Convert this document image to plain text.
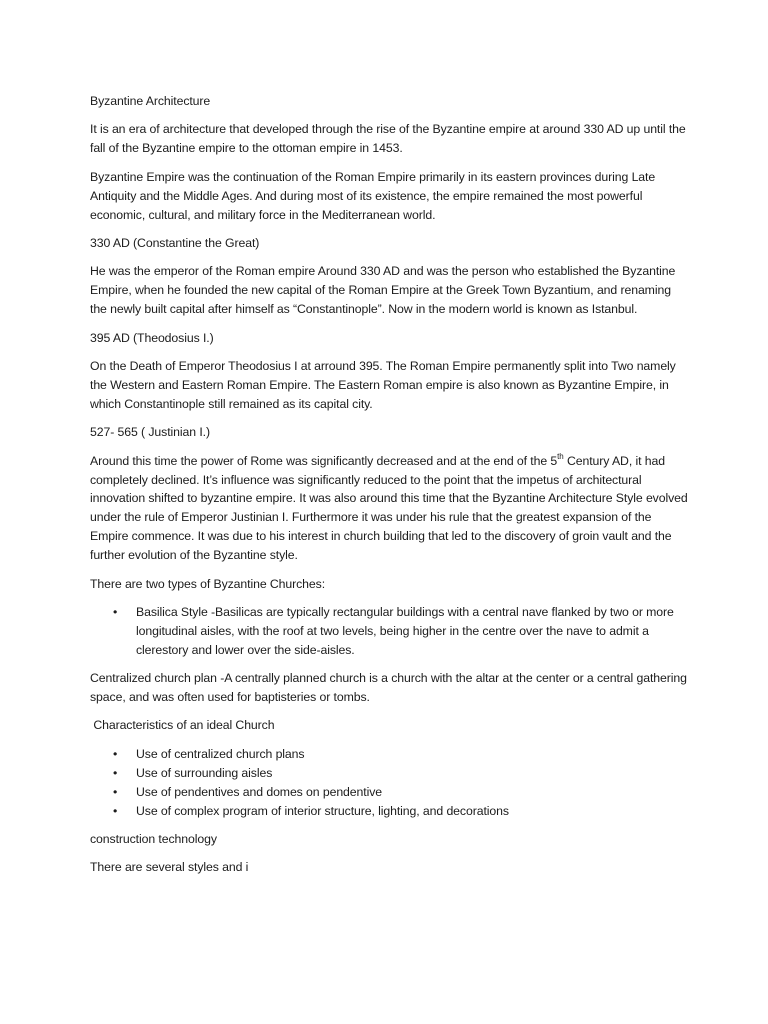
Byzantine Architecture

It is an era of architecture that developed through the rise of the Byzantine empire at around 330 AD up until the fall of the Byzantine empire to the ottoman empire in 1453.

Byzantine Empire was the continuation of the Roman Empire primarily in its eastern provinces during Late Antiquity and the Middle Ages. And during most of its existence, the empire remained the most powerful economic, cultural, and military force in the Mediterranean world.

330 AD (Constantine the Great)

He was the emperor of the Roman empire Around 330 AD and was the person who established the Byzantine Empire, when he founded the new capital of the Roman Empire at the Greek Town Byzantium, and renaming the newly built capital after himself as “Constantinople”. Now in the modern world is known as Istanbul.

395 AD (Theodosius I.)

On the Death of Emperor Theodosius I at arround 395. The Roman Empire permanently split into Two namely the Western and Eastern Roman Empire. The Eastern Roman empire is also known as Byzantine Empire, in which Constantinople still remained as its capital city.

527- 565 ( Justinian I.)

Around this time the power of Rome was significantly decreased and at the end of the 5th Century AD, it had completely declined. It’s influence was significantly reduced to the point that the impetus of architectural innovation shifted to byzantine empire. It was also around this time that the Byzantine Architecture Style evolved under the rule of Emperor Justinian I. Furthermore it was under his rule that the greatest expansion of the Empire commence. It was due to his interest in church building that led to the discovery of groin vault and the further evolution of the Byzantine style.

There are two types of Byzantine Churches:

• Basilica Style -Basilicas are typically rectangular buildings with a central nave flanked by two or more longitudinal aisles, with the roof at two levels, being higher in the centre over the nave to admit a clerestory and lower over the side-aisles.

Centralized church plan -A centrally planned church is a church with the altar at the center or a central gathering space, and was often used for baptisteries or tombs.

Characteristics of an ideal Church

• Use of centralized church plans
• Use of surrounding aisles
• Use of pendentives and domes on pendentive
• Use of complex program of interior structure, lighting, and decorations

construction technology

There are several styles and i
